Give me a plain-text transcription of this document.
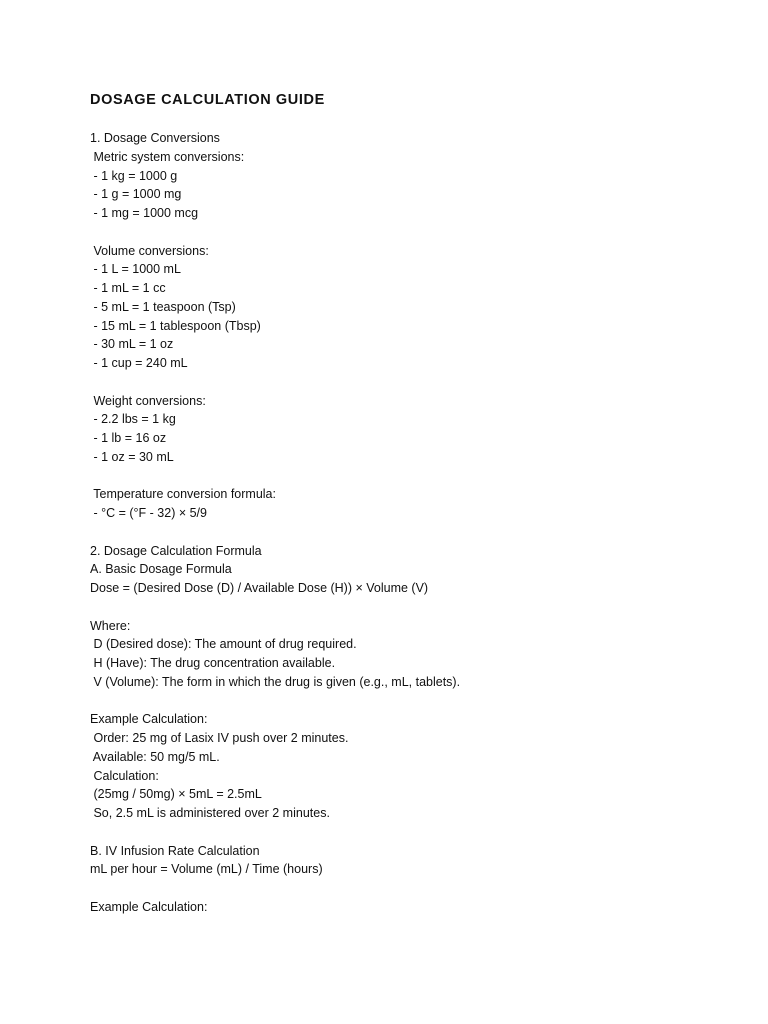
DOSAGE CALCULATION GUIDE
1. Dosage Conversions
Metric system conversions:
- 1 kg = 1000 g
- 1 g = 1000 mg
- 1 mg = 1000 mcg
Volume conversions:
- 1 L = 1000 mL
- 1 mL = 1 cc
- 5 mL = 1 teaspoon (Tsp)
- 15 mL = 1 tablespoon (Tbsp)
- 30 mL = 1 oz
- 1 cup = 240 mL
Weight conversions:
- 2.2 lbs = 1 kg
- 1 lb = 16 oz
- 1 oz = 30 mL
Temperature conversion formula:
- °C = (°F - 32) × 5/9
2. Dosage Calculation Formula
A. Basic Dosage Formula
Dose = (Desired Dose (D) / Available Dose (H)) × Volume (V)
Where:
D (Desired dose): The amount of drug required.
H (Have): The drug concentration available.
V (Volume): The form in which the drug is given (e.g., mL, tablets).
Example Calculation:
Order: 25 mg of Lasix IV push over 2 minutes.
Available: 50 mg/5 mL.
Calculation:
(25mg / 50mg) × 5mL = 2.5mL
So, 2.5 mL is administered over 2 minutes.
B. IV Infusion Rate Calculation
mL per hour = Volume (mL) / Time (hours)
Example Calculation:
